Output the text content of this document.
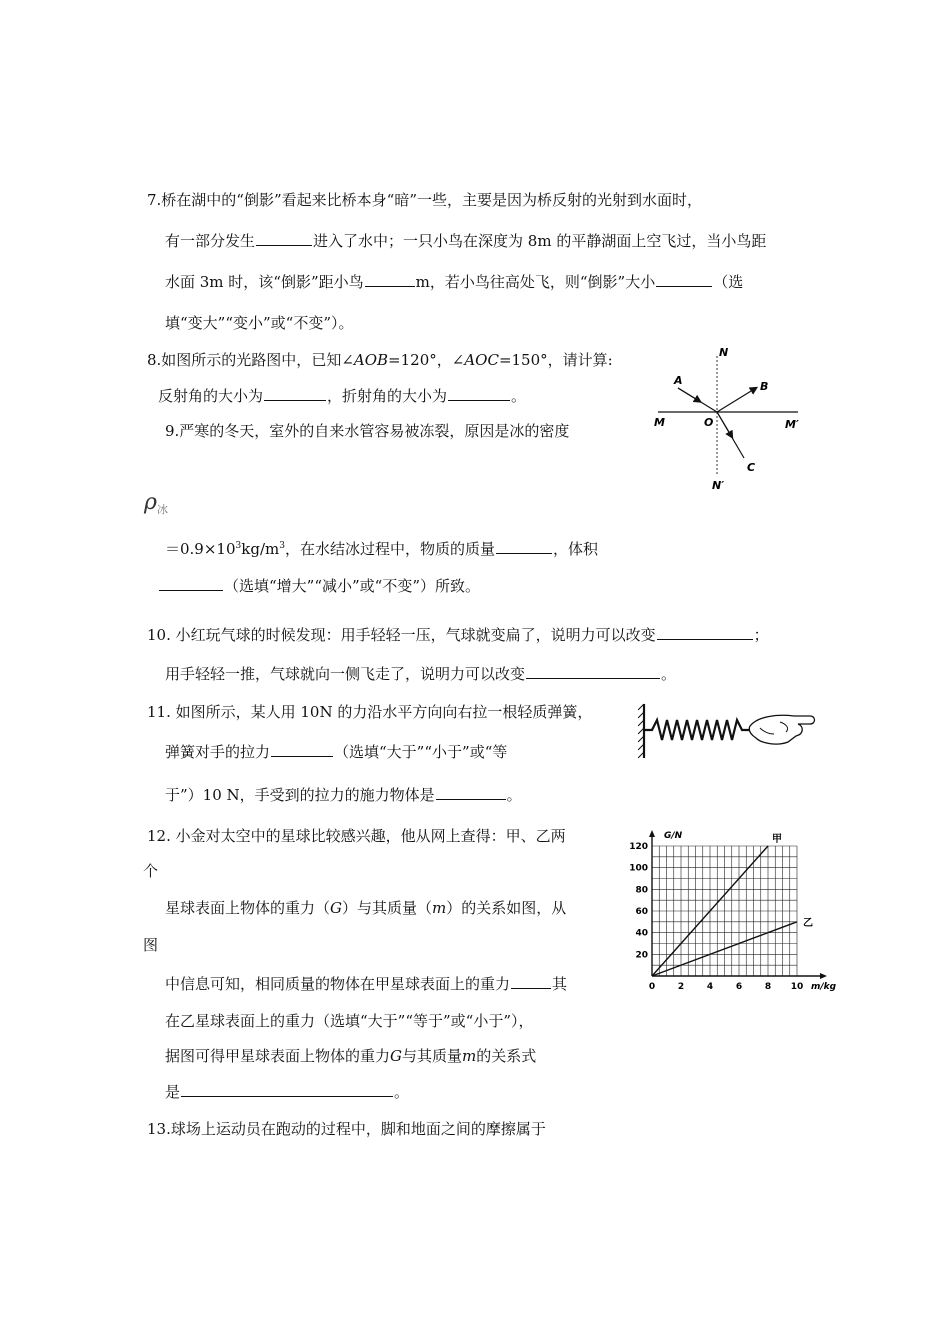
7.桥在湖中的“倒影”看起来比桥本身“暗”一些，主要是因为桥反射的光射到水面时，
有一部分发生	进入了水中；一只小鸟在深度为 8m 的平静湖面上空飞过，当小鸟距
水面 3m 时，该“倒影”距小鸟	m，若小鸟往高处飞，则“倒影”大小	（选
填“变大”“变小”或“不变”）。
8.如图所示的光路图中，已知∠AOB=120°，∠AOC=150°，请计算:
反射角的大小为	，折射角的大小为	。
N
N′
M	M′
O
A	B
C
9.严寒的冬天，室外的自来水管容易被冻裂，原因是冰的密度
$\rho_冰$
$=0.9\times 10^3kg/m^3$，在水结冰过程中，物质的质量	，体积
（选填“增大”“减小”或“不变”）所致。
10. 小红玩气球的时候发现：用手轻轻一压，气球就变扁了，说明力可以改变	；
用手轻轻一推，气球就向一侧飞走了，说明力可以改变	。
11. 如图所示，某人用 10N 的力沿水平方向向右拉一根轻质弹簧，
弹簧对手的拉力	（选填“大于”“小于”或“等
于”）10 N，手受到的拉力的施力物体是	。
12. 小金对太空中的星球比较感兴趣，他从网上查得：甲、乙两
个
星球表面上物体的重力（G）与其质量（m）的关系如图，从
图
中信息可知，相同质量的物体在甲星球表面上的重力	其
在乙星球表面上的重力（选填“大于”“等于”或“小于”），
据图可得甲星球表面上物体的重力G与其质量m的关系式
是	。
0	2	4	6	8 10
20
40
60
80
100
120
G/N
m/kg
甲
乙
13.球场上运动员在跑动的过程中，脚和地面之间的摩擦属于
